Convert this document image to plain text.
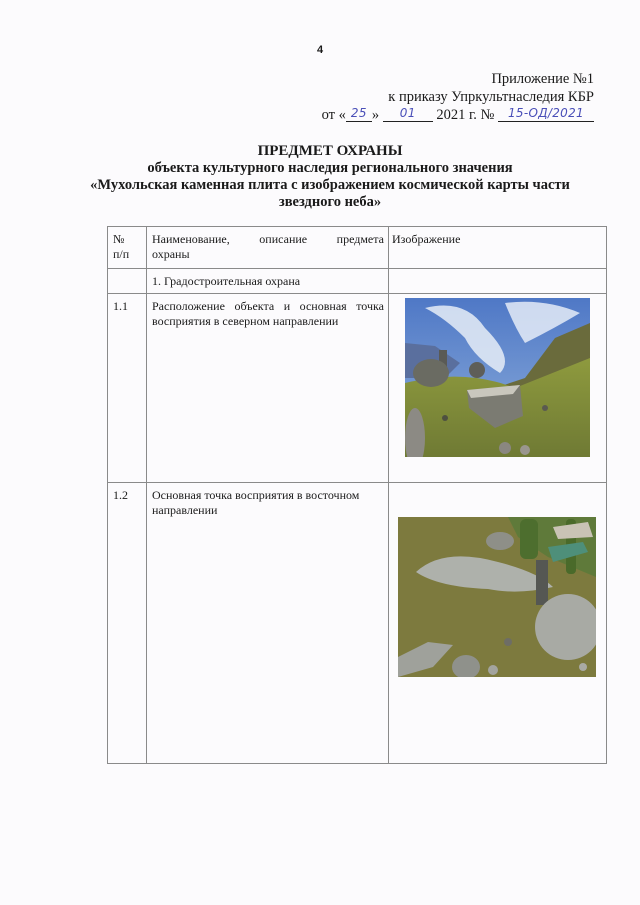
4
Приложение №1
к приказу Упркультнаследия КБР
от « 25 » 01 2021 г. № 15-ОД/2021
ПРЕДМЕТ ОХРАНЫ
объекта культурного наследия регионального значения
«Мухольская каменная плита с изображением космической карты части
звездного неба»
№
п/п
Наименование, описание предмета
охраны
Изображение
1. Градостроительная охрана
1.1 Расположение объекта и основная точка
восприятия в северном направлении
1.2 Основная точка восприятия в восточном
направлении
